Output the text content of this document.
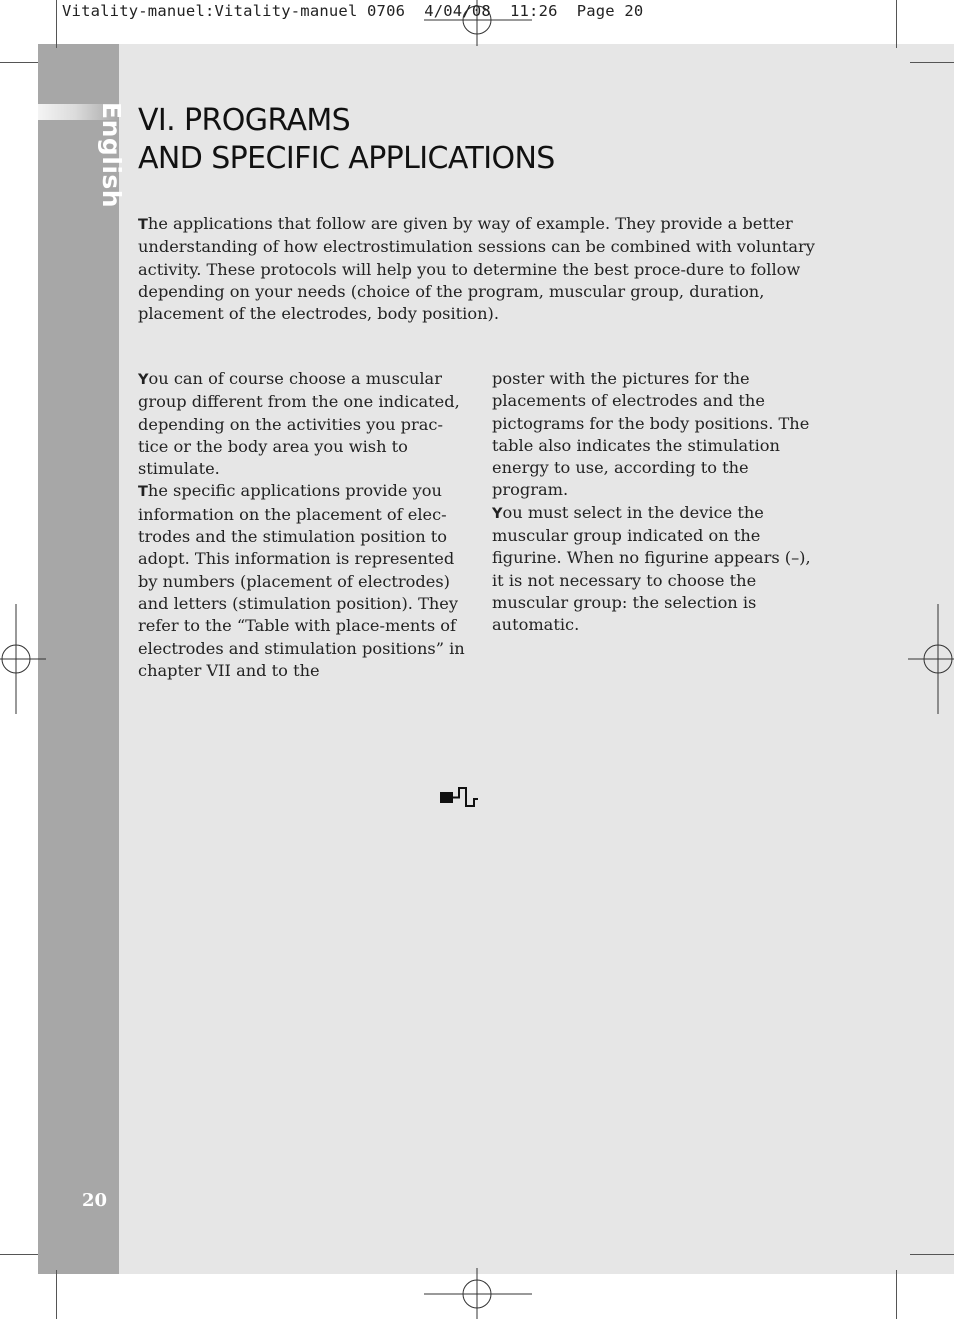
Vitality-manuel:Vitality-manuel 0706  4/04/08  11:26  Page 20
English
20
VI. PROGRAMS
AND SPECIFIC APPLICATIONS

The applications that follow are given by way of example. They provide a better understanding of how electrostimulation sessions can be combined with voluntary activity. These protocols will help you to determine the best proce-dure to follow depending on your needs (choice of the program, muscular group, duration, placement of the electrodes, body position).

You can of course choose a muscular group different from the one indicated, depending on the activities you prac-tice or the body area you wish to stimulate.

The specific applications provide you information on the placement of elec-trodes and the stimulation position to adopt. This information is represented by numbers (placement of electrodes) and letters (stimulation position). They refer to the “Table with place-ments of electrodes and stimulation positions” in chapter VII and to the

poster with the pictures for the placements of electrodes and the pictograms for the body positions. The table also indicates the stimulation energy to use, according to the program.

You must select in the device the muscular group indicated on the figurine. When no figurine appears (–), it is not necessary to choose the muscular group: the selection is automatic.
